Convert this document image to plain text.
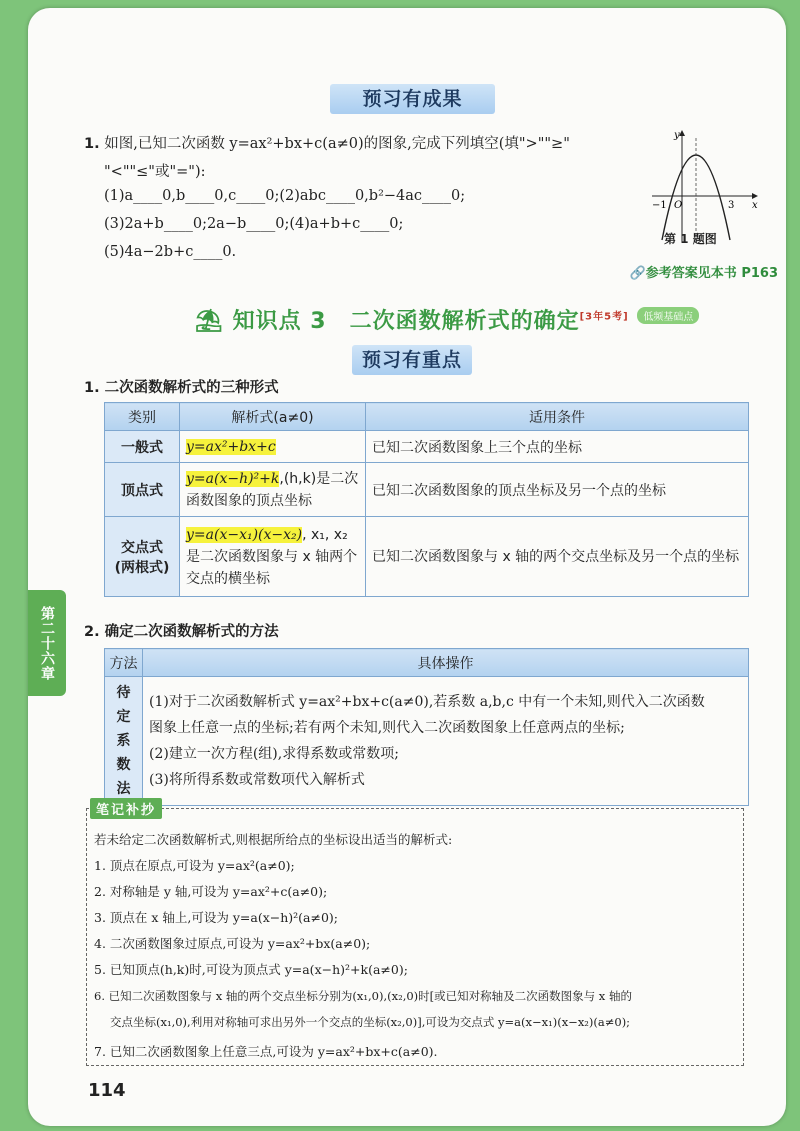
预习有成果
1. 如图,已知二次函数 y=ax²+bx+c(a≠0)的图象,完成下列填空(填">""≥"
"<""≤"或"="):
(1)a____0,b____0,c____0;(2)abc____0,b²−4ac____0;
(3)2a+b____0;2a−b____0;(4)a+b+c____0;
(5)4a−2b+c____0.
y
x
−1 O	3
第 1 题图
🔗参考答案见本书 P163
⛱ 知识点 3　二次函数解析式的确定[3年5考] 低频基础点
预习有重点
1. 二次函数解析式的三种形式
类别	解析式(a≠0)	适用条件
一般式	y=ax²+bx+c	已知二次函数图象上三个点的坐标
顶点式	y=a(x−h)²+k,(h,k)是二次函数图象的顶点坐标	已知二次函数图象的顶点坐标及另一个点的坐标
交点式(两根式)	y=a(x−x₁)(x−x₂), x₁, x₂ 是二次函数图象与 x 轴两个交点的横坐标	已知二次函数图象与 x 轴的两个交点坐标及另一个点的坐标
第二十六章	2. 确定二次函数解析式的方法
方法	具体操作
待定系数法	(1)对于二次函数解析式 y=ax²+bx+c(a≠0),若系数 a,b,c 中有一个未知,则代入二次函数
图象上任意一点的坐标;若有两个未知,则代入二次函数图象上任意两点的坐标;
(2)建立一次方程(组),求得系数或常数项;
(3)将所得系数或常数项代入解析式
笔记补抄
若未给定二次函数解析式,则根据所给点的坐标设出适当的解析式:
1. 顶点在原点,可设为 y=ax²(a≠0);
2. 对称轴是 y 轴,可设为 y=ax²+c(a≠0);
3. 顶点在 x 轴上,可设为 y=a(x−h)²(a≠0);
4. 二次函数图象过原点,可设为 y=ax²+bx(a≠0);
5. 已知顶点(h,k)时,可设为顶点式 y=a(x−h)²+k(a≠0);
6. 已知二次函数图象与 x 轴的两个交点坐标分别为(x₁,0),(x₂,0)时[或已知对称轴及二次函数图象与 x 轴的
交点坐标(x₁,0),利用对称轴可求出另外一个交点的坐标(x₂,0)],可设为交点式 y=a(x−x₁)(x−x₂)(a≠0);
7. 已知二次函数图象上任意三点,可设为 y=ax²+bx+c(a≠0).
114
